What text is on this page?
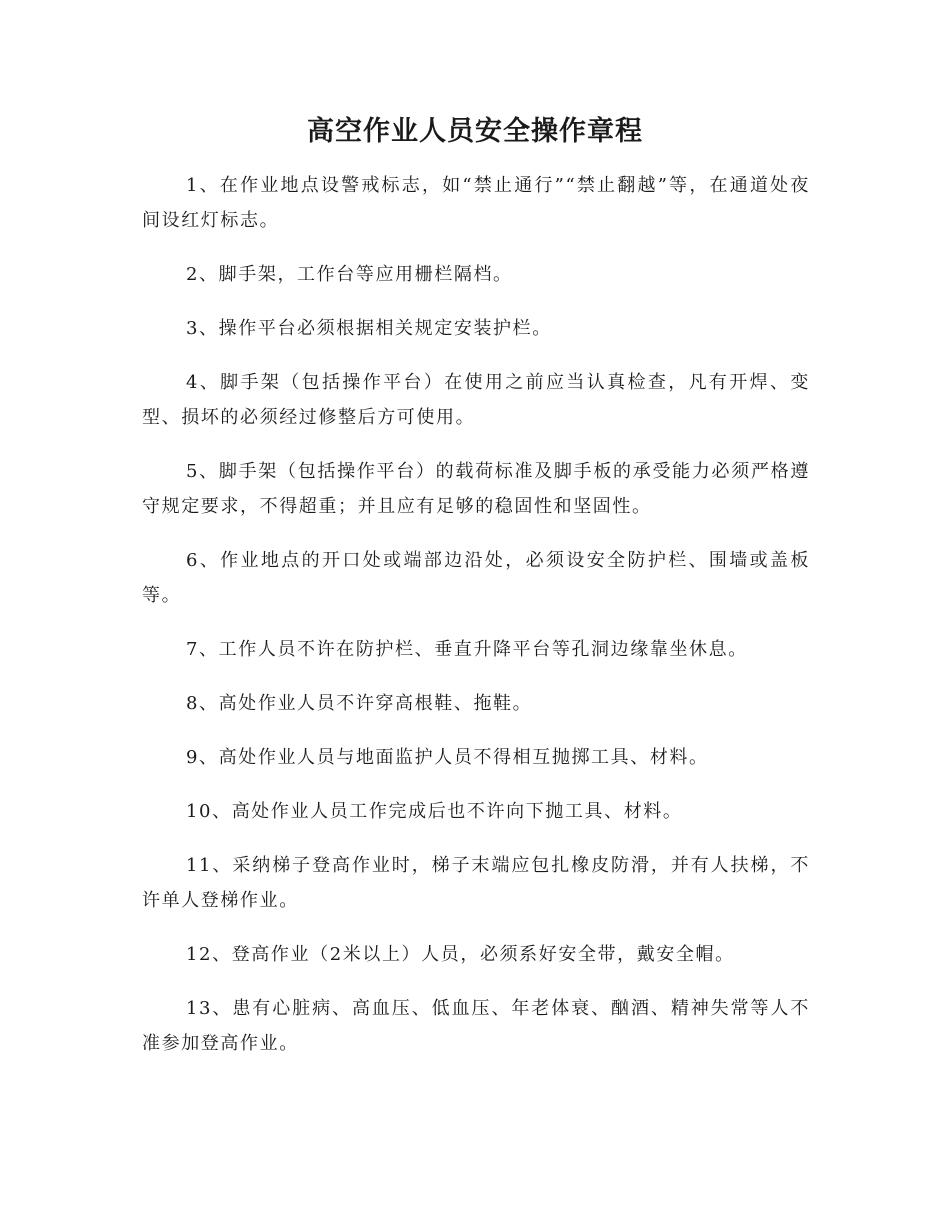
高空作业人员安全操作章程

1、在作业地点设警戒标志，如“禁止通行”“禁止翻越”等，在通道处夜间设红灯标志。

2、脚手架，工作台等应用栅栏隔档。

3、操作平台必须根据相关规定安装护栏。

4、脚手架（包括操作平台）在使用之前应当认真检查，凡有开焊、变型、损坏的必须经过修整后方可使用。

5、脚手架（包括操作平台）的载荷标准及脚手板的承受能力必须严格遵守规定要求，不得超重；并且应有足够的稳固性和坚固性。

6、作业地点的开口处或端部边沿处，必须设安全防护栏、围墙或盖板等。

7、工作人员不许在防护栏、垂直升降平台等孔洞边缘靠坐休息。

8、高处作业人员不许穿高根鞋、拖鞋。

9、高处作业人员与地面监护人员不得相互抛掷工具、材料。

10、高处作业人员工作完成后也不许向下抛工具、材料。

11、采纳梯子登高作业时，梯子末端应包扎橡皮防滑，并有人扶梯，不许单人登梯作业。

12、登高作业（2米以上）人员，必须系好安全带，戴安全帽。

13、患有心脏病、高血压、低血压、年老体衰、酗酒、精神失常等人不准参加登高作业。
